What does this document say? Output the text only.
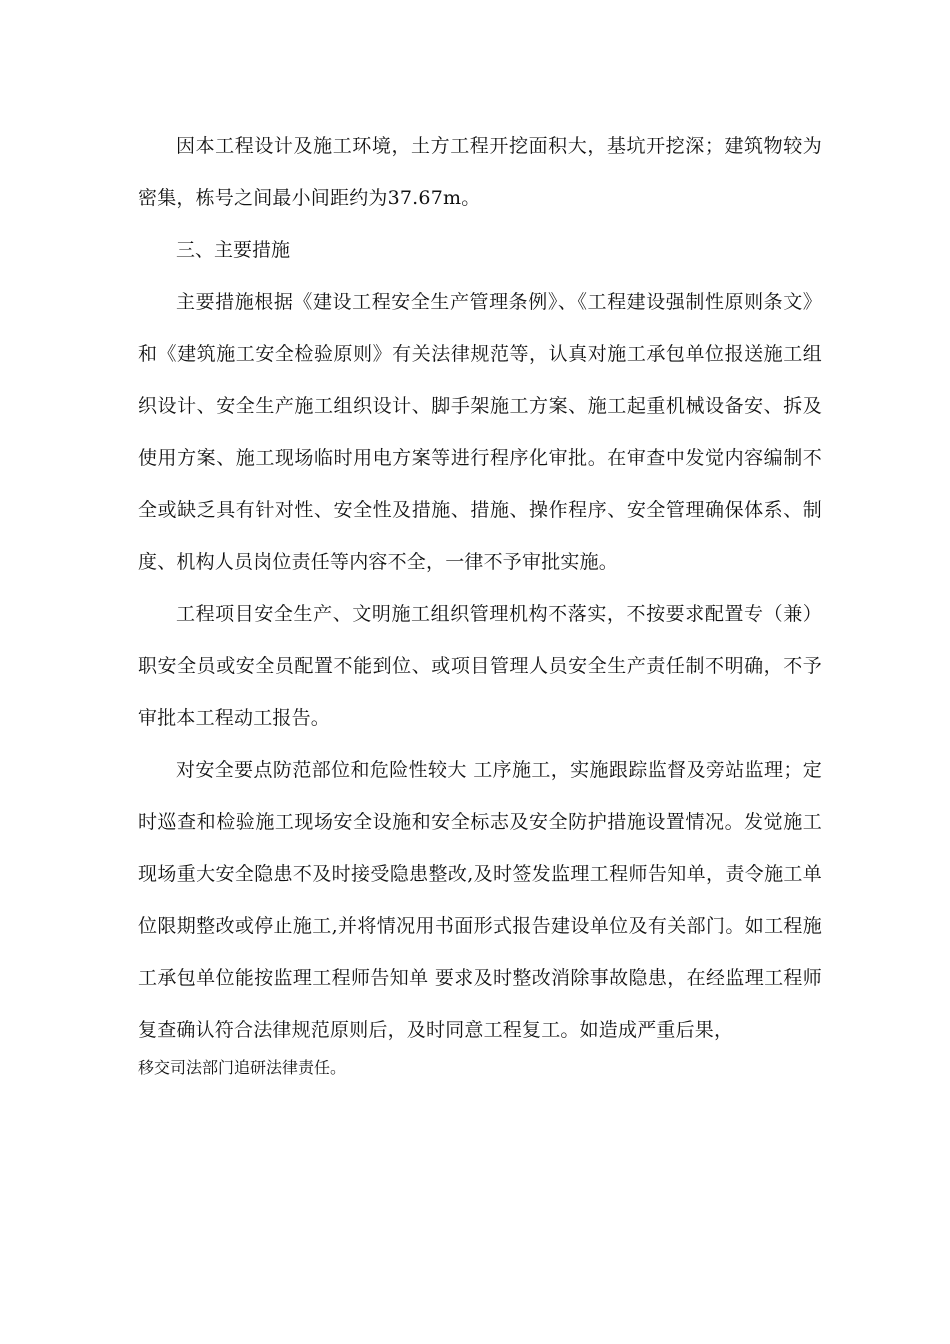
因本工程设计及施工环境，土方工程开挖面积大，基坑开挖深；建筑物较为密集，栋号之间最小间距约为37.67m。

三、主要措施

主要措施根据《建设工程安全生产管理条例》、《工程建设强制性原则条文》和《建筑施工安全检验原则》有关法律规范等，认真对施工承包单位报送施工组织设计、安全生产施工组织设计、脚手架施工方案、施工起重机械设备安、拆及使用方案、施工现场临时用电方案等进行程序化审批。在审查中发觉内容编制不全或缺乏具有针对性、安全性及措施、措施、操作程序、安全管理确保体系、制度、机构人员岗位责任等内容不全，一律不予审批实施。

工程项目安全生产、文明施工组织管理机构不落实，不按要求配置专（兼）职安全员或安全员配置不能到位、或项目管理人员安全生产责任制不明确，不予审批本工程动工报告。

对安全要点防范部位和危险性较大 工序施工，实施跟踪监督及旁站监理；定时巡查和检验施工现场安全设施和安全标志及安全防护措施设置情况。发觉施工现场重大安全隐患不及时接受隐患整改,及时签发监理工程师告知单，责令施工单位限期整改或停止施工,并将情况用书面形式报告建设单位及有关部门。如工程施工承包单位能按监理工程师告知单 要求及时整改消除事故隐患，在经监理工程师复查确认符合法律规范原则后，及时同意工程复工。如造成严重后果，

移交司法部门追研法律责任。
